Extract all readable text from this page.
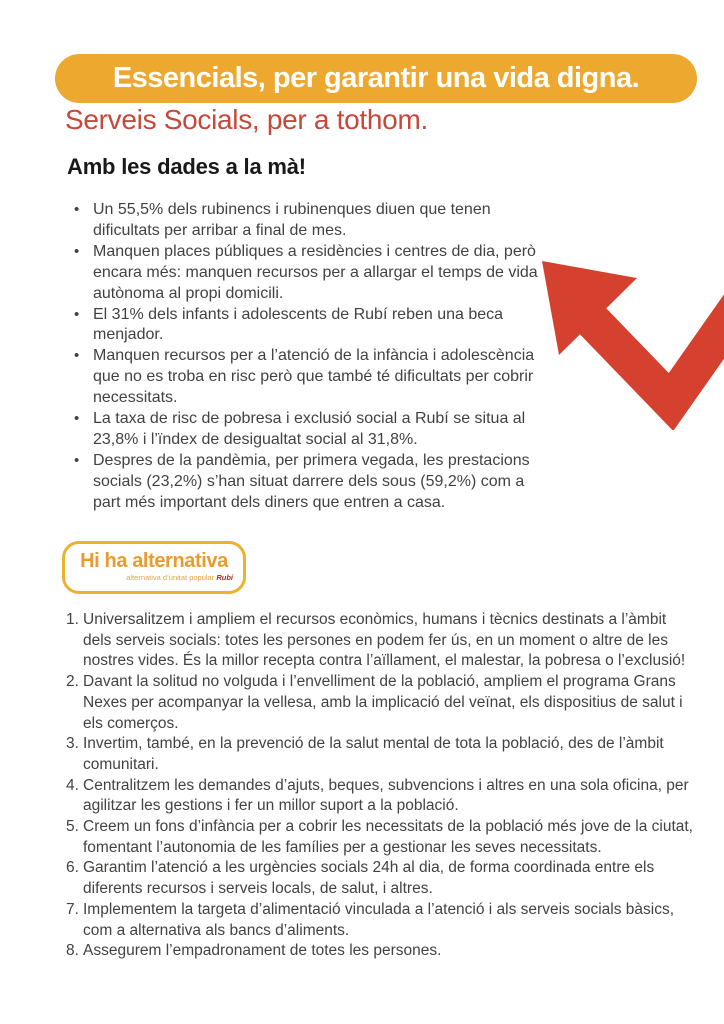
Essencials, per garantir una vida digna.
Serveis Socials, per a tothom.
Amb les dades a la mà!
• Un 55,5% dels rubinencs i rubinenques diuen que tenen dificultats per arribar a final de mes.
• Manquen places públiques a residències i centres de dia, però encara més: manquen recursos per a allargar el temps de vida autònoma al propi domicili.
• El 31% dels infants i adolescents de Rubí reben una beca menjador.
• Manquen recursos per a l’atenció de la infància i adolescència que no es troba en risc però que també té dificultats per cobrir necessitats.
• La taxa de risc de pobresa i exclusió social a Rubí se situa al 23,8% i l’ïndex de desigualtat social al 31,8%.
• Despres de la pandèmia, per primera vegada, les prestacions socials (23,2%) s’han situat darrere dels sous (59,2%) com a part més important dels diners que entren a casa.
Hi ha alternativa
alternativa d’unitat popular Rubí
1. Universalitzem i ampliem el recursos econòmics, humans i tècnics destinats a l’àmbit dels serveis socials: totes les persones en podem fer ús, en un moment o altre de les nostres vides. És la millor recepta contra l’aïllament, el malestar, la pobresa o l’exclusió!
2. Davant la solitud no volguda i l’envelliment de la població, ampliem el programa Grans Nexes per acompanyar la vellesa, amb la implicació del veïnat, els dispositius de salut i els comerços.
3. Invertim, també, en la prevenció de la salut mental de tota la població, des de l’àmbit comunitari.
4. Centralitzem les demandes d’ajuts, beques, subvencions i altres en una sola oficina, per agilitzar les gestions i fer un millor suport a la població.
5. Creem un fons d’infància per a cobrir les necessitats de la població més jove de la ciutat, fomentant l’autonomia de les famílies per a gestionar les seves necessitats.
6. Garantim l’atenció a les urgències socials 24h al dia, de forma coordinada entre els diferents recursos i serveis locals, de salut, i altres.
7. Implementem la targeta d’alimentació vinculada a l’atenció i als serveis socials bàsics, com a alternativa als bancs d’aliments.
8. Assegurem l’empadronament de totes les persones.
